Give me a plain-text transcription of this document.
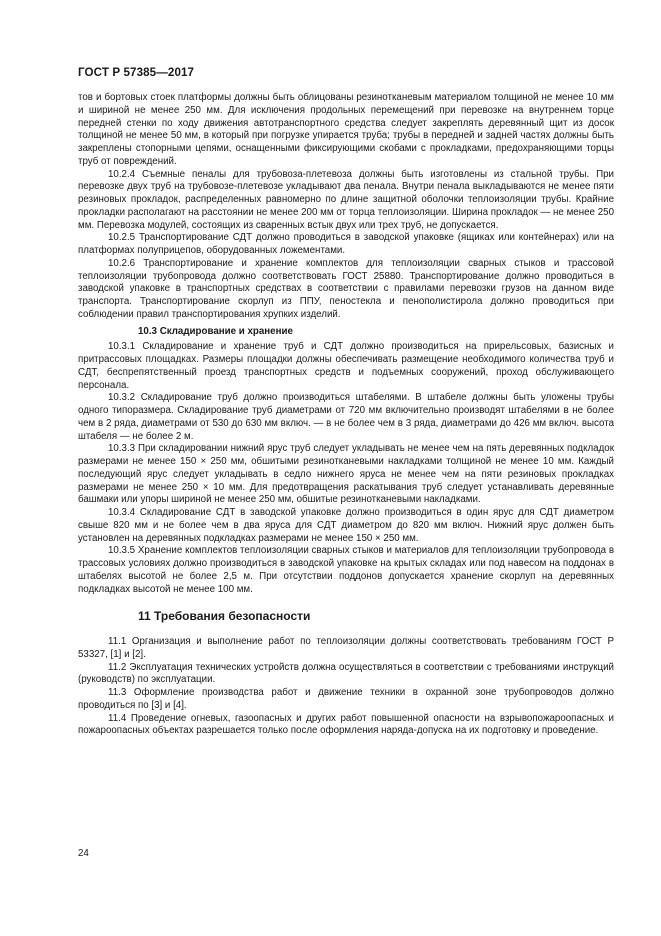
ГОСТ Р 57385—2017

тов и бортовых стоек платформы должны быть облицованы резинотканевым материалом толщиной не менее 10 мм и шириной не менее 250 мм. Для исключения продольных перемещений при перевозке на внутреннем торце передней стенки по ходу движения автотранспортного средства следует закреплять деревянный щит из досок толщиной не менее 50 мм, в который при погрузке упирается труба; трубы в передней и задней частях должны быть закреплены стопорными цепями, оснащенными фиксирующими скобами с прокладками, предохраняющими торцы труб от повреждений.

10.2.4 Съемные пеналы для трубовоза-плетевоза должны быть изготовлены из стальной трубы. При перевозке двух труб на трубовозе-плетевозе укладывают два пенала. Внутри пенала выкладываются не менее пяти резиновых прокладок, распределенных равномерно по длине защитной оболочки теплоизоляции трубы. Крайние прокладки располагают на расстоянии не менее 200 мм от торца теплоизоляции. Ширина прокладок — не менее 250 мм. Перевозка модулей, состоящих из сваренных встык двух или трех труб, не допускается.

10.2.5 Транспортирование СДТ должно проводиться в заводской упаковке (ящиках или контейнерах) или на платформах полуприцепов, оборудованных ложементами.

10.2.6 Транспортирование и хранение комплектов для теплоизоляции сварных стыков и трассовой теплоизоляции трубопровода должно соответствовать ГОСТ 25880. Транспортирование должно проводиться в заводской упаковке в транспортных средствах в соответствии с правилами перевозки грузов на данном виде транспорта. Транспортирование скорлуп из ППУ, пеностекла и пенополистирола должно проводиться при соблюдении правил транспортирования хрупких изделий.

10.3 Складирование и хранение

10.3.1 Складирование и хранение труб и СДТ должно производиться на прирельсовых, базисных и притрассовых площадках. Размеры площадки должны обеспечивать размещение необходимого количества труб и СДТ, беспрепятственный проезд транспортных средств и подъемных сооружений, проход обслуживающего персонала.

10.3.2 Складирование труб должно производиться штабелями. В штабеле должны быть уложены трубы одного типоразмера. Складирование труб диаметрами от 720 мм включительно производят штабелями в не более чем в 2 ряда, диаметрами от 530 до 630 мм включ. — в не более чем в 3 ряда, диаметрами до 426 мм включ. высота штабеля — не более 2 м.

10.3.3 При складировании нижний ярус труб следует укладывать не менее чем на пять деревянных подкладок размерами не менее 150 × 250 мм, обшитыми резинотканевыми накладками толщиной не менее 10 мм. Каждый последующий ярус следует укладывать в седло нижнего яруса не менее чем на пяти резиновых прокладках размерами не менее 250 × 10 мм. Для предотвращения раскатывания труб следует устанавливать деревянные башмаки или упоры шириной не менее 250 мм, обшитые резинотканевыми накладками.

10.3.4 Складирование СДТ в заводской упаковке должно производиться в один ярус для СДТ диаметром свыше 820 мм и не более чем в два яруса для СДТ диаметром до 820 мм включ. Нижний ярус должен быть установлен на деревянных подкладках размерами не менее 150 × 250 мм.

10.3.5 Хранение комплектов теплоизоляции сварных стыков и материалов для теплоизоляции трубопровода в трассовых условиях должно производиться в заводской упаковке на крытых складах или под навесом на поддонах в штабелях высотой не более 2,5 м. При отсутствии поддонов допускается хранение скорлуп на деревянных подкладках высотой не менее 100 мм.

11 Требования безопасности

11.1 Организация и выполнение работ по теплоизоляции должны соответствовать требованиям ГОСТ Р 53327, [1] и [2].

11.2 Эксплуатация технических устройств должна осуществляться в соответствии с требованиями инструкций (руководств) по эксплуатации.

11.3 Оформление производства работ и движение техники в охранной зоне трубопроводов должно проводиться по [3] и [4].

11.4 Проведение огневых, газоопасных и других работ повышенной опасности на взрывопожароопасных и пожароопасных объектах разрешается только после оформления наряда-допуска на их подготовку и проведение.

24
